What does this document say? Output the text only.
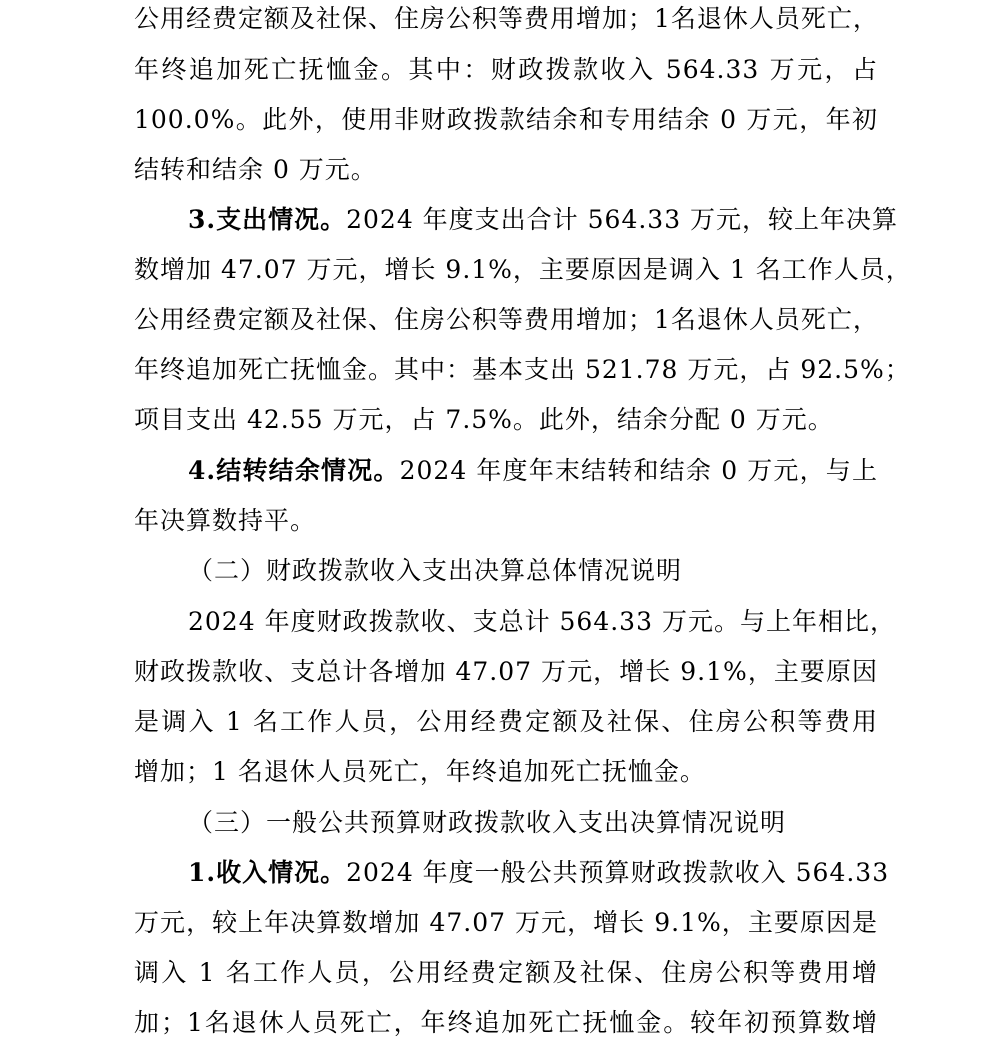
公用经费定额及社保、住房公积等费用增加；1名退休人员死亡，
年终追加死亡抚恤金。其中：财政拨款收入 564.33 万元，占
100.0%。此外，使用非财政拨款结余和专用结余 0 万元，年初
结转和结余 0 万元。
3.支出情况。2024 年度支出合计 564.33 万元，较上年决算
数增加 47.07 万元，增长 9.1%，主要原因是调入 1 名工作人员，
公用经费定额及社保、住房公积等费用增加；1名退休人员死亡，
年终追加死亡抚恤金。其中：基本支出 521.78 万元，占 92.5%；
项目支出 42.55 万元，占 7.5%。此外，结余分配 0 万元。
4.结转结余情况。2024 年度年末结转和结余 0 万元，与上
年决算数持平。
（二）财政拨款收入支出决算总体情况说明
2024 年度财政拨款收、支总计 564.33 万元。与上年相比，
财政拨款收、支总计各增加 47.07 万元，增长 9.1%，主要原因
是调入 1 名工作人员，公用经费定额及社保、住房公积等费用
增加；1 名退休人员死亡，年终追加死亡抚恤金。
（三）一般公共预算财政拨款收入支出决算情况说明
1.收入情况。2024 年度一般公共预算财政拨款收入 564.33
万元，较上年决算数增加 47.07 万元，增长 9.1%，主要原因是
调入 1 名工作人员，公用经费定额及社保、住房公积等费用增
加；1名退休人员死亡，年终追加死亡抚恤金。较年初预算数增
